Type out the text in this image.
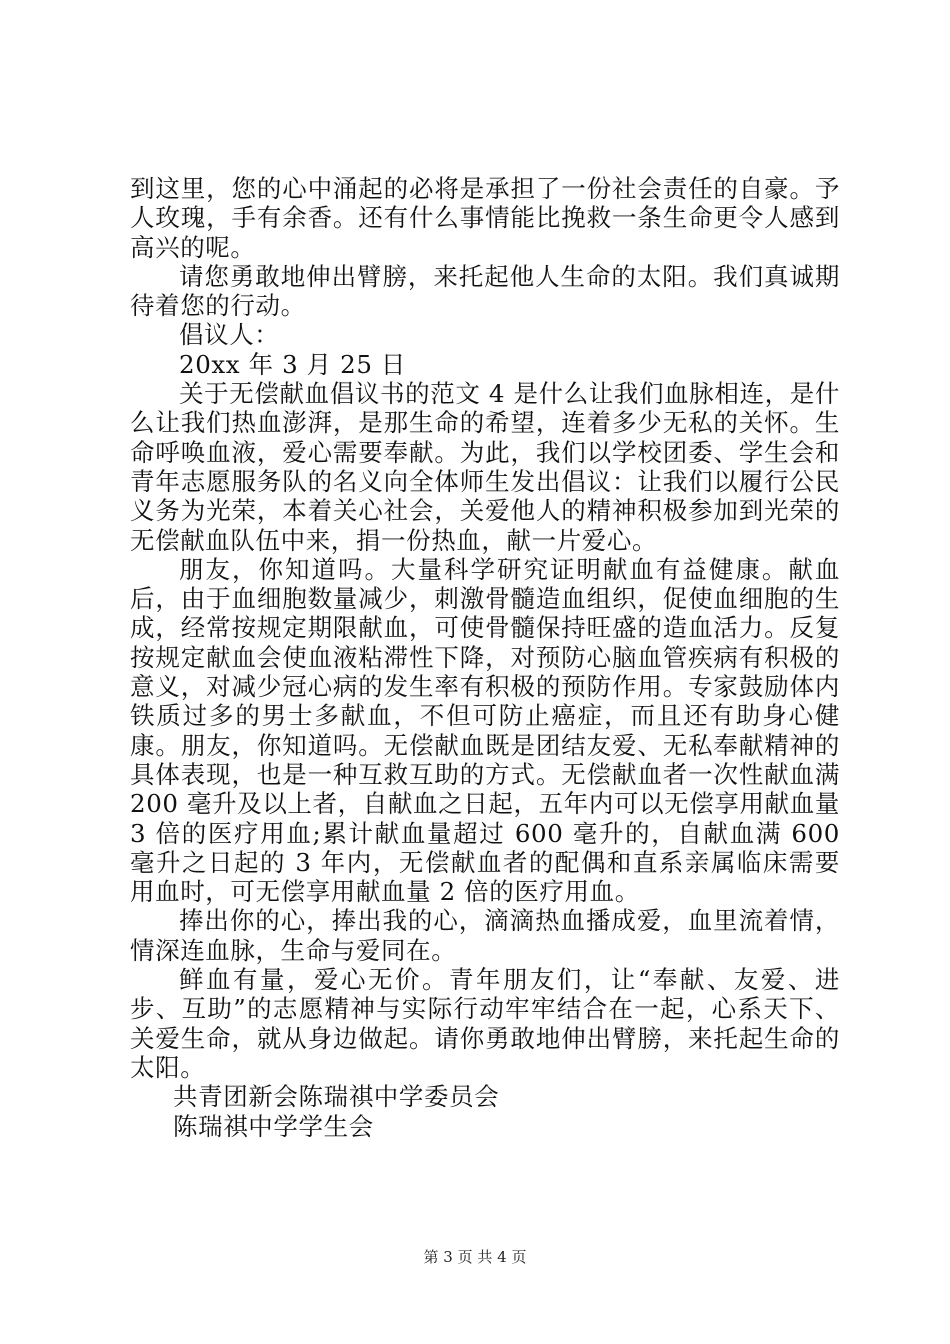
到这里，您的心中涌起的必将是承担了一份社会责任的自豪。予人玫瑰，手有余香。还有什么事情能比挽救一条生命更令人感到高兴的呢。

请您勇敢地伸出臂膀，来托起他人生命的太阳。我们真诚期待着您的行动。

倡议人：

20xx 年 3 月 25 日

关于无偿献血倡议书的范文 4 是什么让我们血脉相连，是什么让我们热血澎湃，是那生命的希望，连着多少无私的关怀。生命呼唤血液，爱心需要奉献。为此，我们以学校团委、学生会和青年志愿服务队的名义向全体师生发出倡议：让我们以履行公民义务为光荣，本着关心社会，关爱他人的精神积极参加到光荣的无偿献血队伍中来，捐一份热血，献一片爱心。

朋友，你知道吗。大量科学研究证明献血有益健康。献血后，由于血细胞数量减少，刺激骨髓造血组织，促使血细胞的生成，经常按规定期限献血，可使骨髓保持旺盛的造血活力。反复按规定献血会使血液粘滞性下降，对预防心脑血管疾病有积极的意义，对减少冠心病的发生率有积极的预防作用。专家鼓励体内铁质过多的男士多献血，不但可防止癌症，而且还有助身心健康。朋友，你知道吗。无偿献血既是团结友爱、无私奉献精神的具体表现，也是一种互救互助的方式。无偿献血者一次性献血满 200 毫升及以上者，自献血之日起，五年内可以无偿享用献血量 3 倍的医疗用血;累计献血量超过 600 毫升的，自献血满 600 毫升之日起的 3 年内，无偿献血者的配偶和直系亲属临床需要用血时，可无偿享用献血量 2 倍的医疗用血。

捧出你的心，捧出我的心，滴滴热血播成爱，血里流着情，情深连血脉，生命与爱同在。

鲜血有量，爱心无价。青年朋友们，让“奉献、友爱、进步、互助”的志愿精神与实际行动牢牢结合在一起，心系天下、关爱生命，就从身边做起。请你勇敢地伸出臂膀，来托起生命的太阳。

共青团新会陈瑞祺中学委员会

陈瑞祺中学学生会

第 3 页 共 4 页
